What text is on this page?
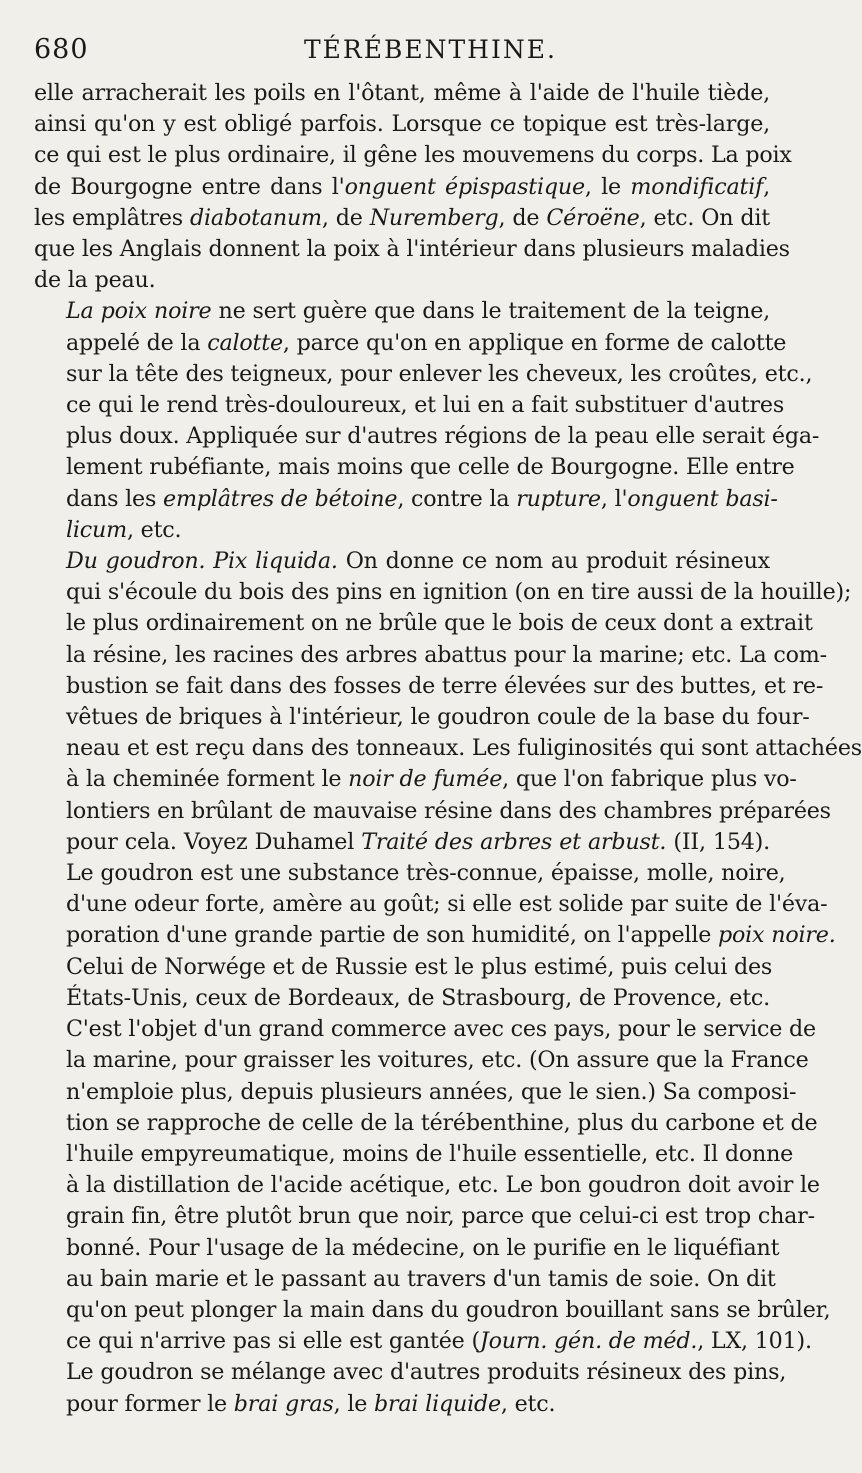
680	TÉRÉBENTHINE.

elle arracherait les poils en l'ôtant, même à l'aide de l'huile tiède,
ainsi qu'on y est obligé parfois. Lorsque ce topique est très-large,
ce qui est le plus ordinaire, il gêne les mouvemens du corps. La poix
de Bourgogne entre dans l'onguent épispastique, le mondificatif,
les emplâtres diabotanum, de Nuremberg, de Céroëne, etc. On dit
que les Anglais donnent la poix à l'intérieur dans plusieurs maladies
de la peau.

La poix noire ne sert guère que dans le traitement de la teigne,
appelé de la calotte, parce qu'on en applique en forme de calotte
sur la tête des teigneux, pour enlever les cheveux, les croûtes, etc.,
ce qui le rend très-douloureux, et lui en a fait substituer d'autres
plus doux. Appliquée sur d'autres régions de la peau elle serait éga-
lement rubéfiante, mais moins que celle de Bourgogne. Elle entre
dans les emplâtres de bétoine, contre la rupture, l'onguent basi-
licum, etc.

Du goudron. Pix liquida. On donne ce nom au produit résineux
qui s'écoule du bois des pins en ignition (on en tire aussi de la houille);
le plus ordinairement on ne brûle que le bois de ceux dont a extrait
la résine, les racines des arbres abattus pour la marine; etc. La com-
bustion se fait dans des fosses de terre élevées sur des buttes, et re-
vêtues de briques à l'intérieur, le goudron coule de la base du four-
neau et est reçu dans des tonneaux. Les fuliginosités qui sont attachées
à la cheminée forment le noir de fumée, que l'on fabrique plus vo-
lontiers en brûlant de mauvaise résine dans des chambres préparées
pour cela. Voyez Duhamel Traité des arbres et arbust. (II, 154).
Le goudron est une substance très-connue, épaisse, molle, noire,
d'une odeur forte, amère au goût; si elle est solide par suite de l'éva-
poration d'une grande partie de son humidité, on l'appelle poix noire.
Celui de Norwége et de Russie est le plus estimé, puis celui des
États-Unis, ceux de Bordeaux, de Strasbourg, de Provence, etc.
C'est l'objet d'un grand commerce avec ces pays, pour le service de
la marine, pour graisser les voitures, etc. (On assure que la France
n'emploie plus, depuis plusieurs années, que le sien.) Sa composi-
tion se rapproche de celle de la térébenthine, plus du carbone et de
l'huile empyreumatique, moins de l'huile essentielle, etc. Il donne
à la distillation de l'acide acétique, etc. Le bon goudron doit avoir le
grain fin, être plutôt brun que noir, parce que celui-ci est trop char-
bonné. Pour l'usage de la médecine, on le purifie en le liquéfiant
au bain marie et le passant au travers d'un tamis de soie. On dit
qu'on peut plonger la main dans du goudron bouillant sans se brûler,
ce qui n'arrive pas si elle est gantée (Journ. gén. de méd., LX, 101).
Le goudron se mélange avec d'autres produits résineux des pins,
pour former le brai gras, le brai liquide, etc.
